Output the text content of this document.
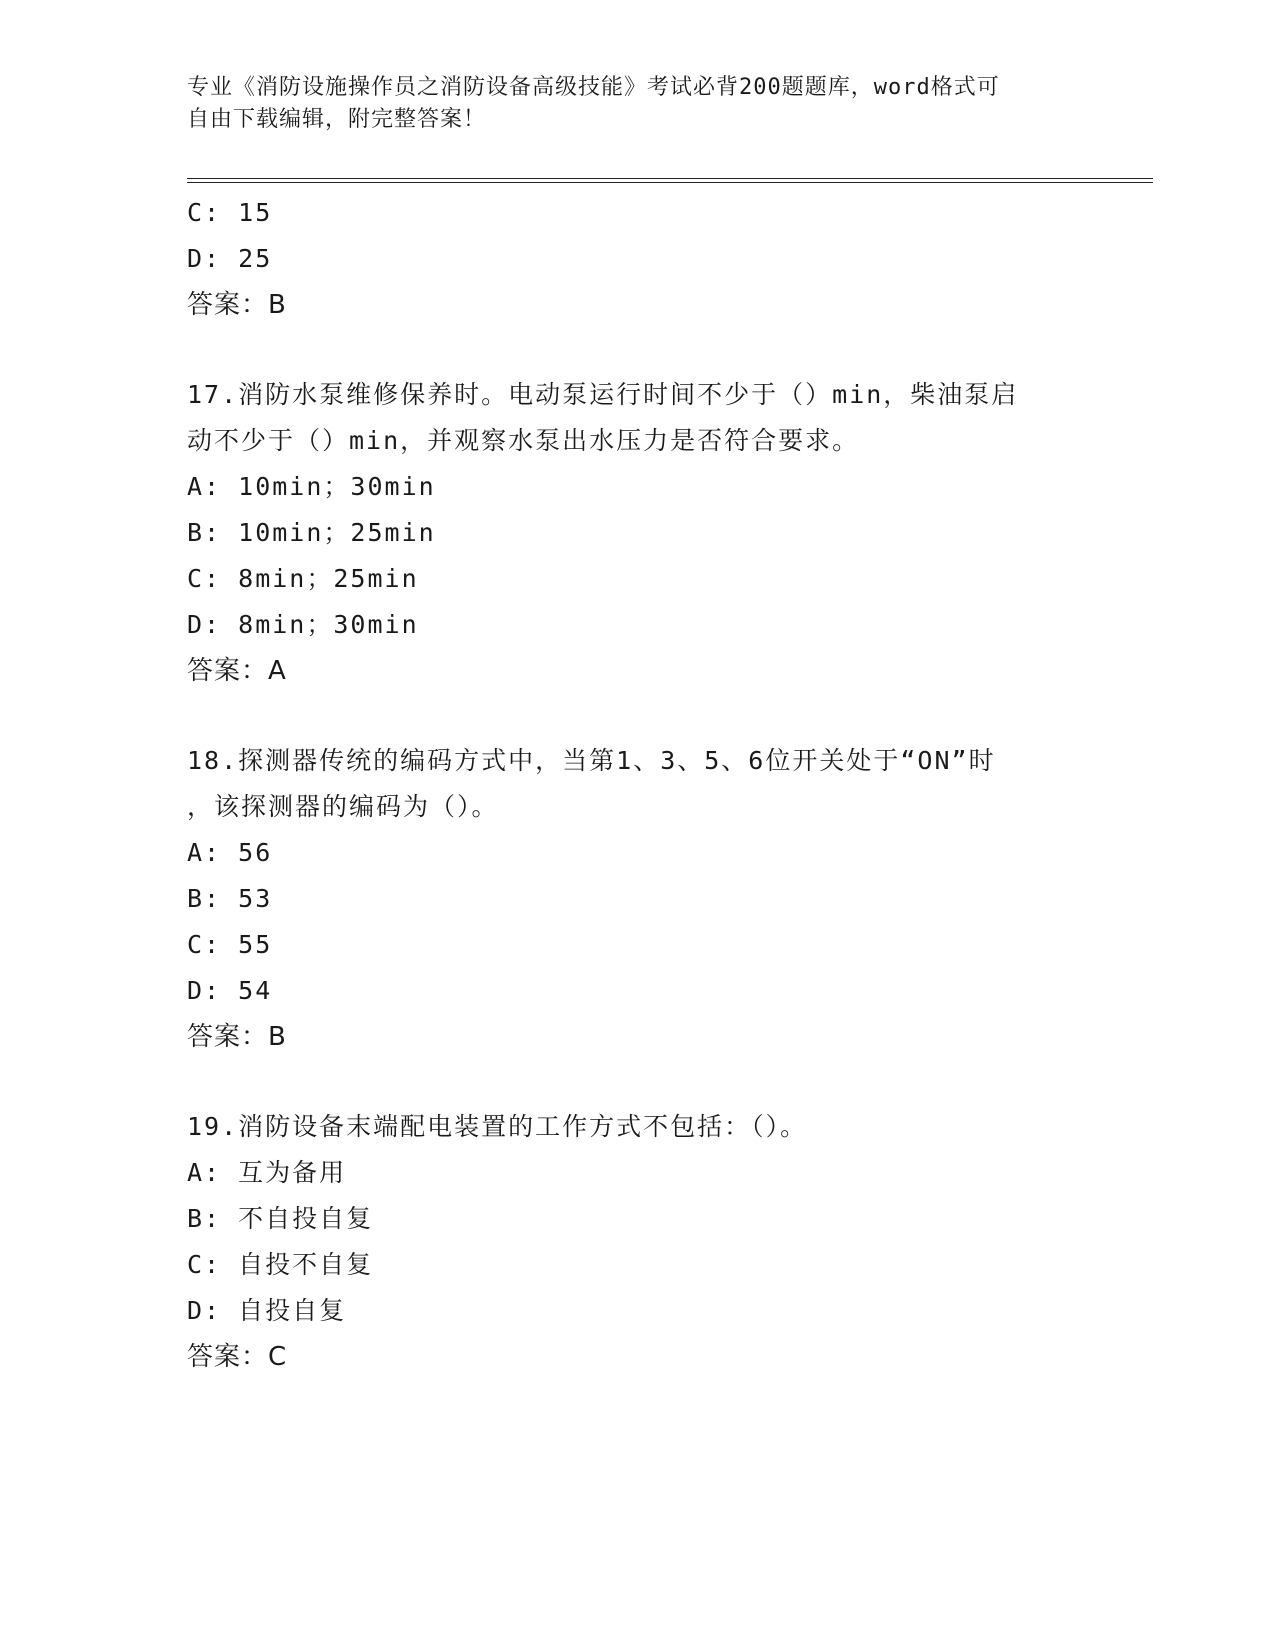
专业《消防设施操作员之消防设备高级技能》考试必背200题题库，word格式可
自由下载编辑，附完整答案！
C: 15
D: 25
答案：B
17.消防水泵维修保养时。电动泵运行时间不少于（）min，柴油泵启
动不少于（）min，并观察水泵出水压力是否符合要求。
A: 10min；30min
B: 10min；25min
C: 8min；25min
D: 8min；30min
答案：A
18.探测器传统的编码方式中，当第1、3、5、6位开关处于“ON”时
，该探测器的编码为（）。
A: 56
B: 53
C: 55
D: 54
答案：B
19.消防设备末端配电装置的工作方式不包括：（）。
A: 互为备用
B: 不自投自复
C: 自投不自复
D: 自投自复
答案：C
